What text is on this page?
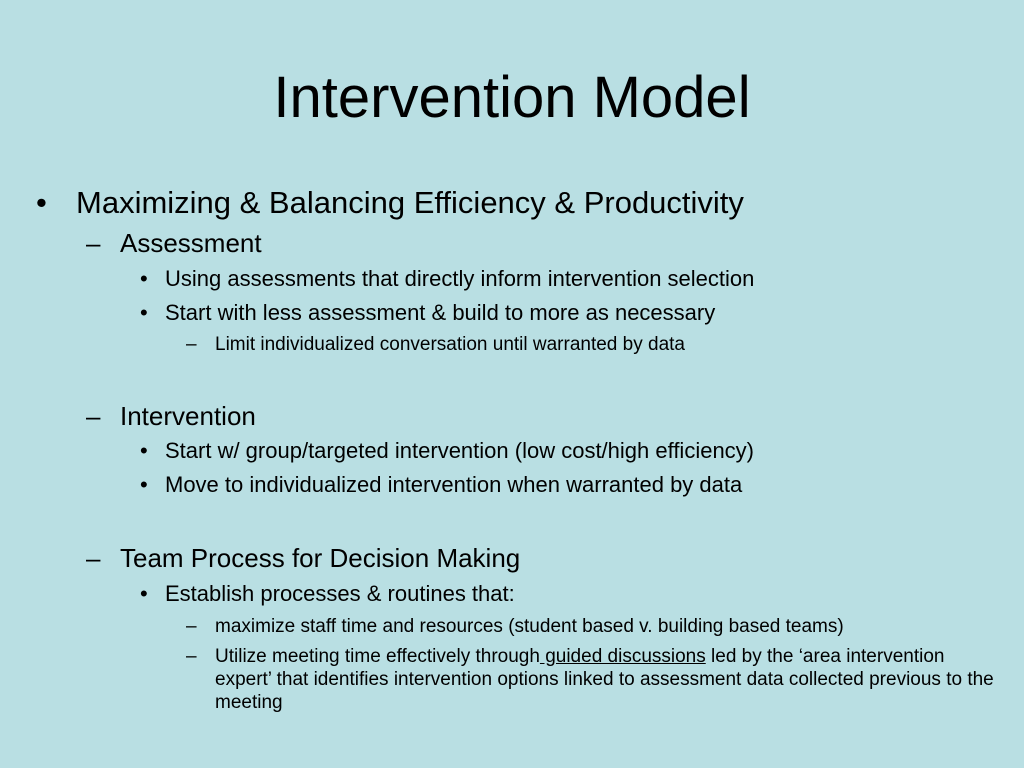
Intervention Model
• Maximizing & Balancing Efficiency & Productivity
– Assessment
• Using assessments that directly inform intervention selection
• Start with less assessment & build to more as necessary
– Limit individualized conversation until warranted by data
– Intervention
• Start w/ group/targeted intervention (low cost/high efficiency)
• Move to individualized intervention when warranted by data
– Team Process for Decision Making
• Establish processes & routines that:
– maximize staff time and resources (student based v. building based teams)
– Utilize meeting time effectively through guided discussions led by the ‘area intervention expert’ that identifies intervention options linked to assessment data collected previous to the meeting
